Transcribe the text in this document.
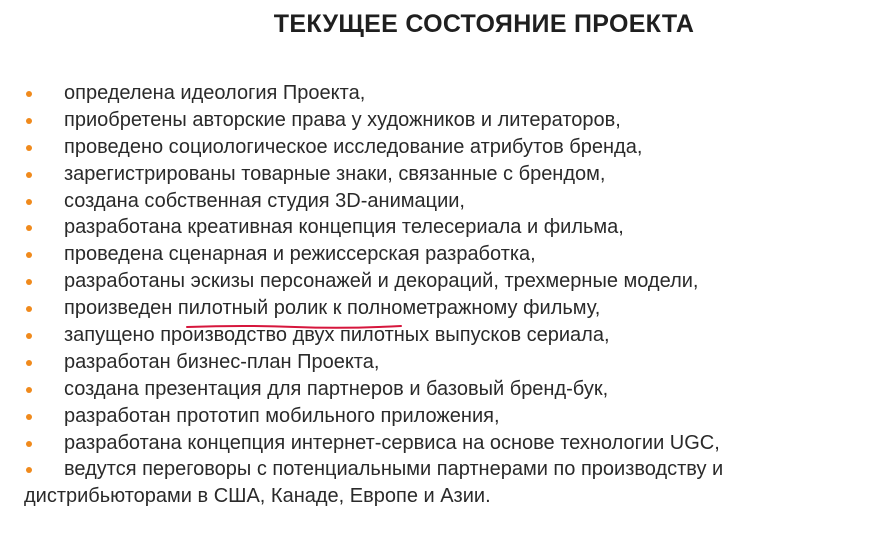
ТЕКУЩЕЕ СОСТОЯНИЕ ПРОЕКТА
определена идеология Проекта,
приобретены авторские права у художников и литераторов,
проведено социологическое исследование атрибутов бренда,
зарегистрированы товарные знаки, связанные с брендом,
создана собственная студия 3D-анимации,
разработана креативная концепция телесериала и фильма,
проведена сценарная и режиссерская разработка,
разработаны эскизы персонажей и декораций, трехмерные модели,
произведен пилотный ролик к полнометражному фильму,
запущено производство двух пилотных выпусков сериала,
разработан бизнес-план Проекта,
создана презентация для партнеров и базовый бренд-бук,
разработан прототип мобильного приложения,
разработана концепция интернет-сервиса на основе технологии UGC,
ведутся переговоры с потенциальными партнерами по производству и дистрибьюторами в США, Канаде, Европе и Азии.
